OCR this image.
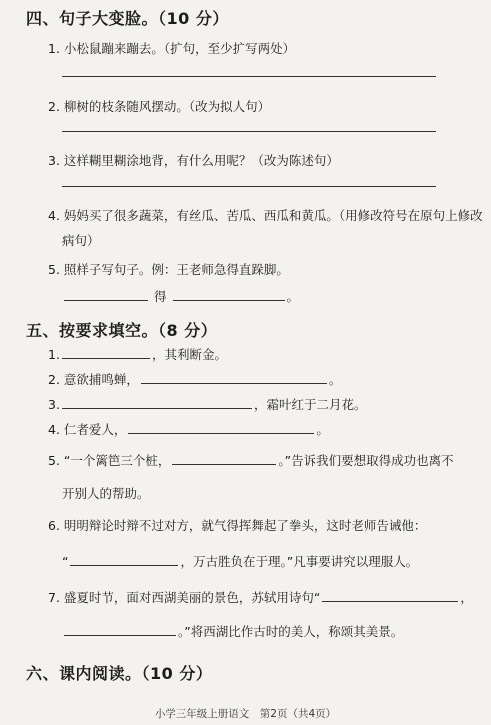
四、句子大变脸。（10 分）
1. 小松鼠蹦来蹦去。（扩句，至少扩写两处）
2. 柳树的枝条随风摆动。（改为拟人句）
3. 这样糊里糊涂地背，有什么用呢？（改为陈述句）
4. 妈妈买了很多蔬菜，有丝瓜、苦瓜、西瓜和黄瓜。（用修改符号在原句上修改
病句）
5. 照样子写句子。例：王老师急得直跺脚。
得	。
五、按要求填空。（8 分）
1.	，其利断金。
2. 意欲捕鸣蝉，	。
3.	，霜叶红于二月花。
4. 仁者爱人，	。
5. “一个篱笆三个桩，	。”告诉我们要想取得成功也离不
开别人的帮助。
6. 明明辩论时辩不过对方，就气得挥舞起了拳头，这时老师告诫他：
“	，万古胜负在于理。”凡事要讲究以理服人。
7. 盛夏时节，面对西湖美丽的景色，苏轼用诗句“	，
。”将西湖比作古时的美人，称颂其美景。
六、课内阅读。（10 分）
小学三年级上册语文　第2页（共4页）
